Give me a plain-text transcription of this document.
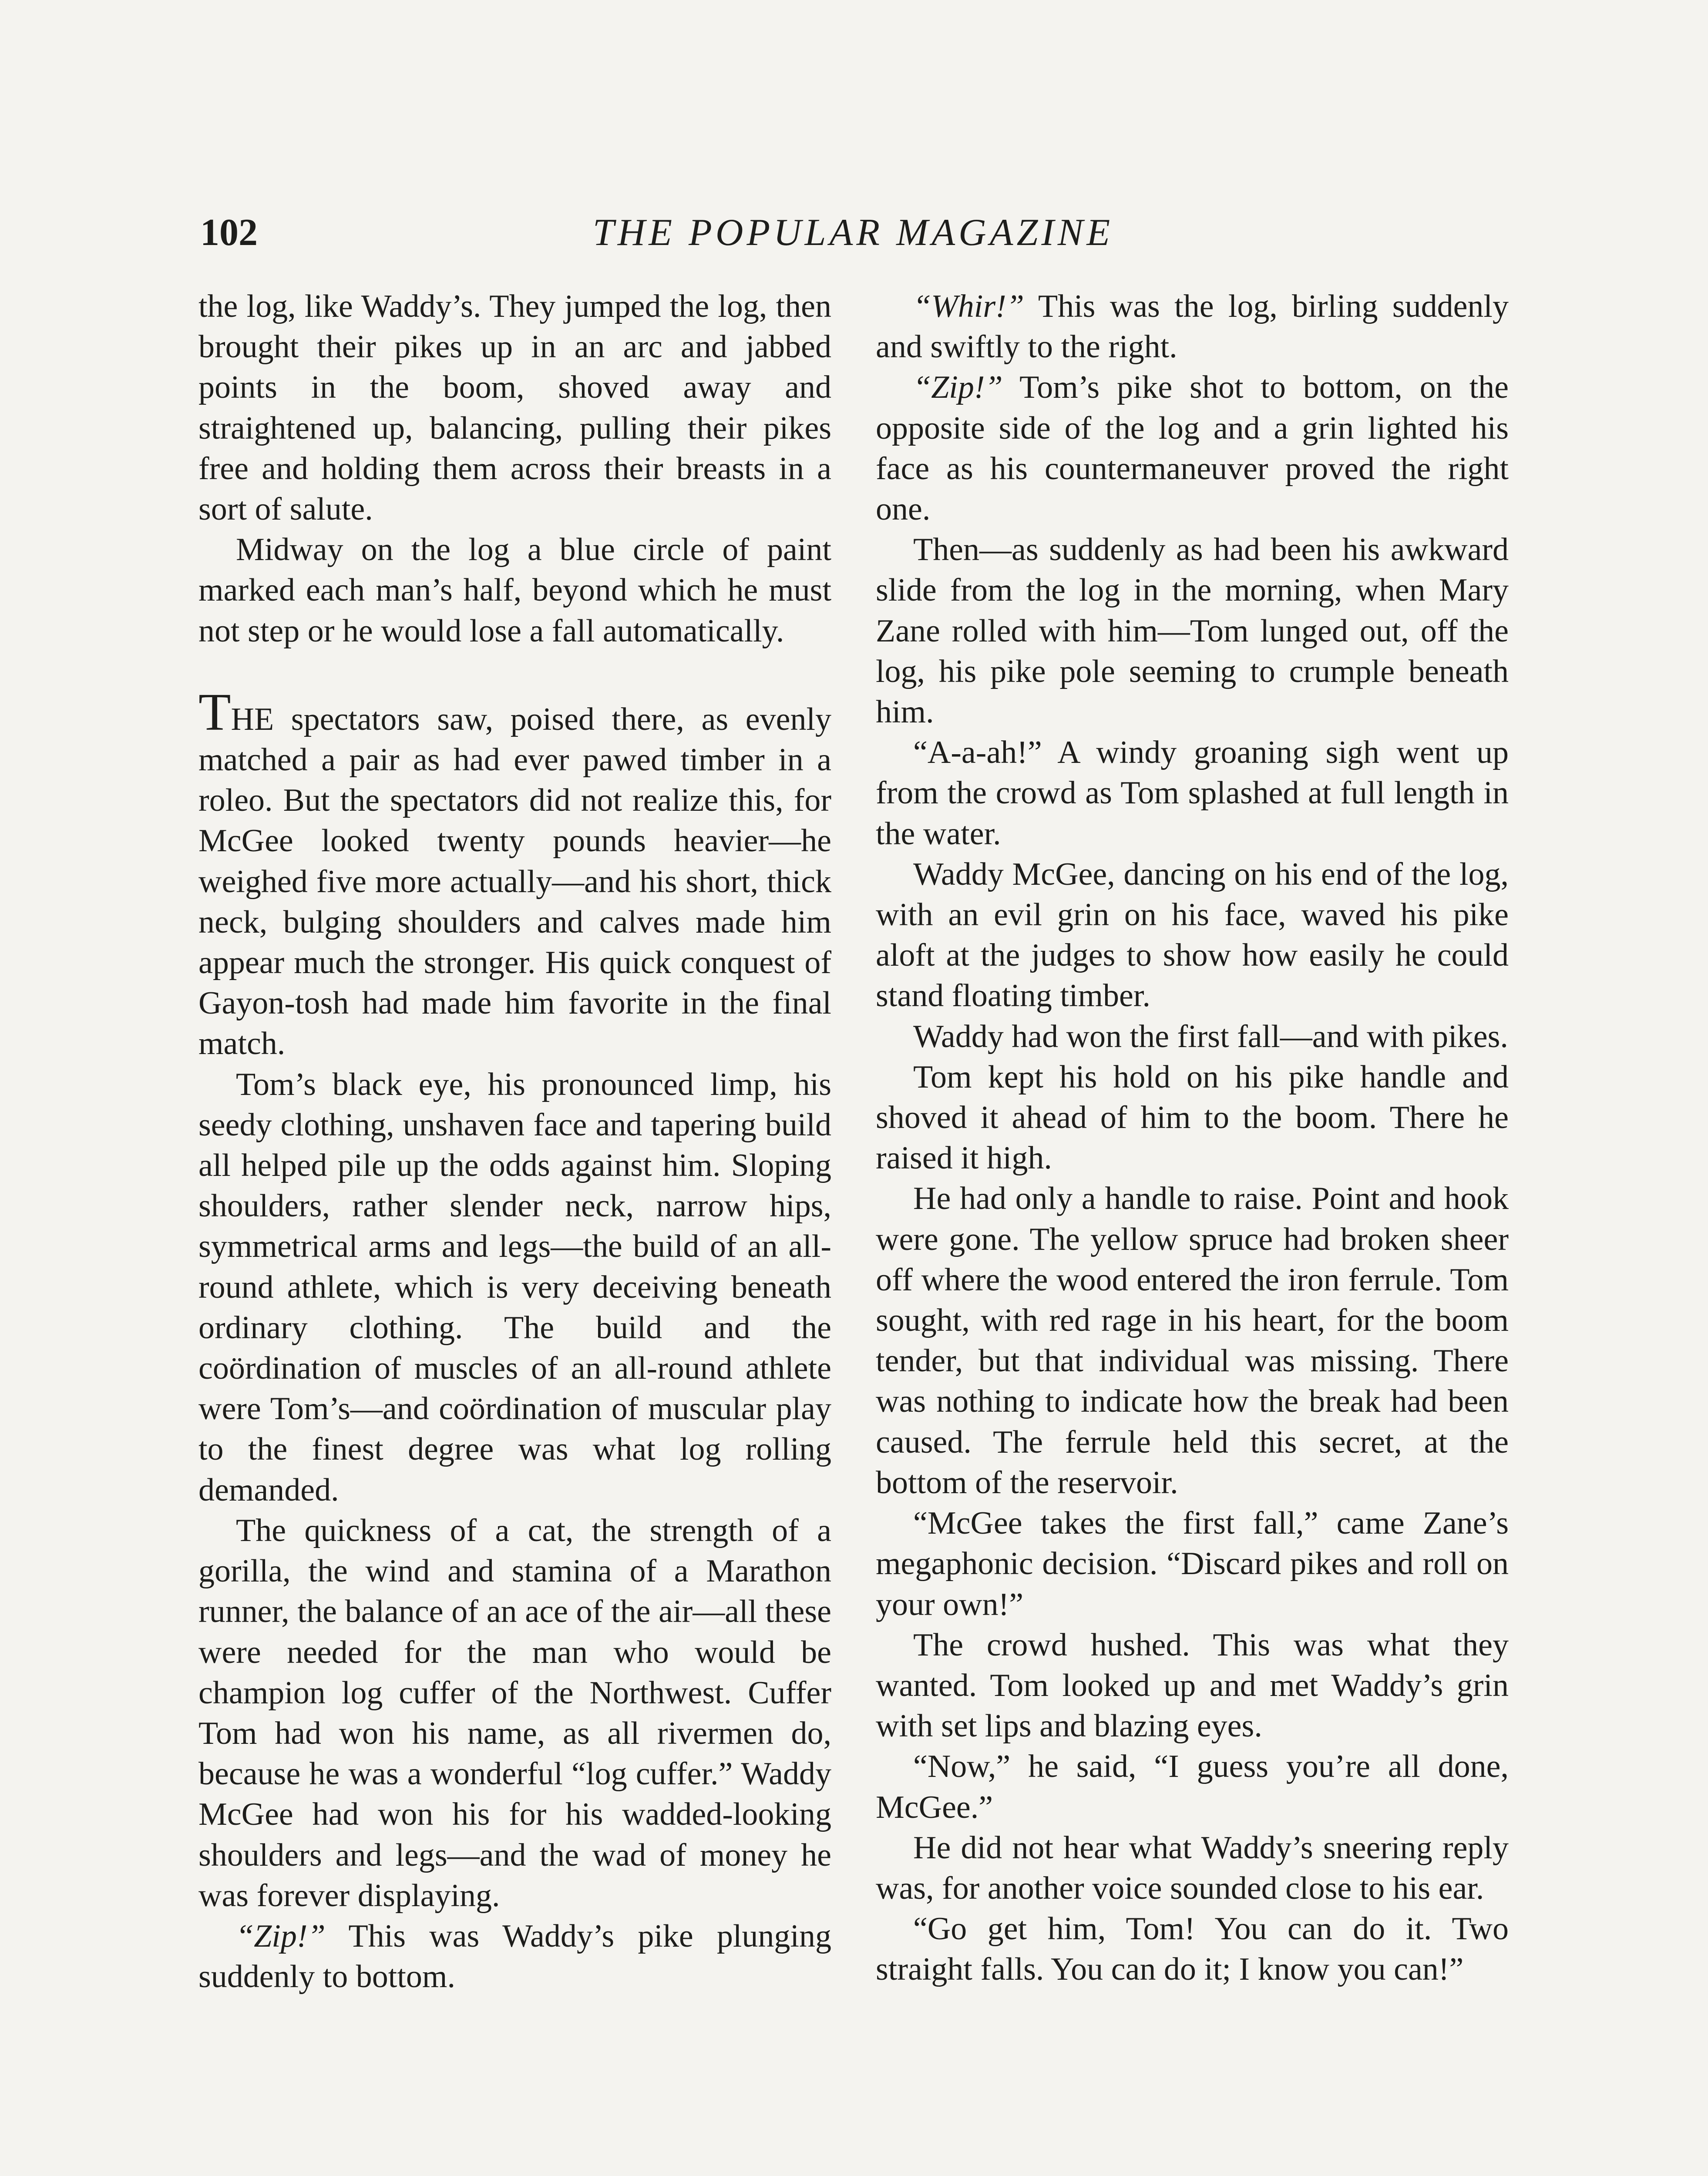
102	THE POPULAR MAGAZINE

the log, like Waddy’s. They jumped the log, then brought their pikes up in an arc and jabbed points in the boom, shoved away and straightened up, balancing, pulling their pikes free and holding them across their breasts in a sort of salute.

Midway on the log a blue circle of paint marked each man’s half, beyond which he must not step or he would lose a fall automatically.

THE spectators saw, poised there, as evenly matched a pair as had ever pawed timber in a roleo. But the spectators did not realize this, for McGee looked twenty pounds heavier—he weighed five more actually—and his short, thick neck, bulging shoulders and calves made him appear much the stronger. His quick conquest of Gayon-tosh had made him favorite in the final match.

Tom’s black eye, his pronounced limp, his seedy clothing, unshaven face and tapering build all helped pile up the odds against him. Sloping shoulders, rather slender neck, narrow hips, symmetrical arms and legs—the build of an all-round athlete, which is very deceiving beneath ordinary clothing. The build and the coördination of muscles of an all-round athlete were Tom’s—and coördination of muscular play to the finest degree was what log rolling demanded.

The quickness of a cat, the strength of a gorilla, the wind and stamina of a Marathon runner, the balance of an ace of the air—all these were needed for the man who would be champion log cuffer of the Northwest. Cuffer Tom had won his name, as all rivermen do, because he was a wonderful “log cuffer.” Waddy McGee had won his for his wadded-looking shoulders and legs—and the wad of money he was forever displaying.

“Zip!” This was Waddy’s pike plunging suddenly to bottom.

“Whir!” This was the log, birling suddenly and swiftly to the right.

“Zip!” Tom’s pike shot to bottom, on the opposite side of the log and a grin lighted his face as his countermaneuver proved the right one.

Then—as suddenly as had been his awkward slide from the log in the morning, when Mary Zane rolled with him—Tom lunged out, off the log, his pike pole seeming to crumple beneath him.

“A-a-ah!” A windy groaning sigh went up from the crowd as Tom splashed at full length in the water.

Waddy McGee, dancing on his end of the log, with an evil grin on his face, waved his pike aloft at the judges to show how easily he could stand floating timber.

Waddy had won the first fall—and with pikes.

Tom kept his hold on his pike handle and shoved it ahead of him to the boom. There he raised it high.

He had only a handle to raise. Point and hook were gone. The yellow spruce had broken sheer off where the wood entered the iron ferrule. Tom sought, with red rage in his heart, for the boom tender, but that individual was missing. There was nothing to indicate how the break had been caused. The ferrule held this secret, at the bottom of the reservoir.

“McGee takes the first fall,” came Zane’s megaphonic decision. “Discard pikes and roll on your own!”

The crowd hushed. This was what they wanted. Tom looked up and met Waddy’s grin with set lips and blazing eyes.

“Now,” he said, “I guess you’re all done, McGee.”

He did not hear what Waddy’s sneering reply was, for another voice sounded close to his ear.

“Go get him, Tom! You can do it. Two straight falls. You can do it; I know you can!”
